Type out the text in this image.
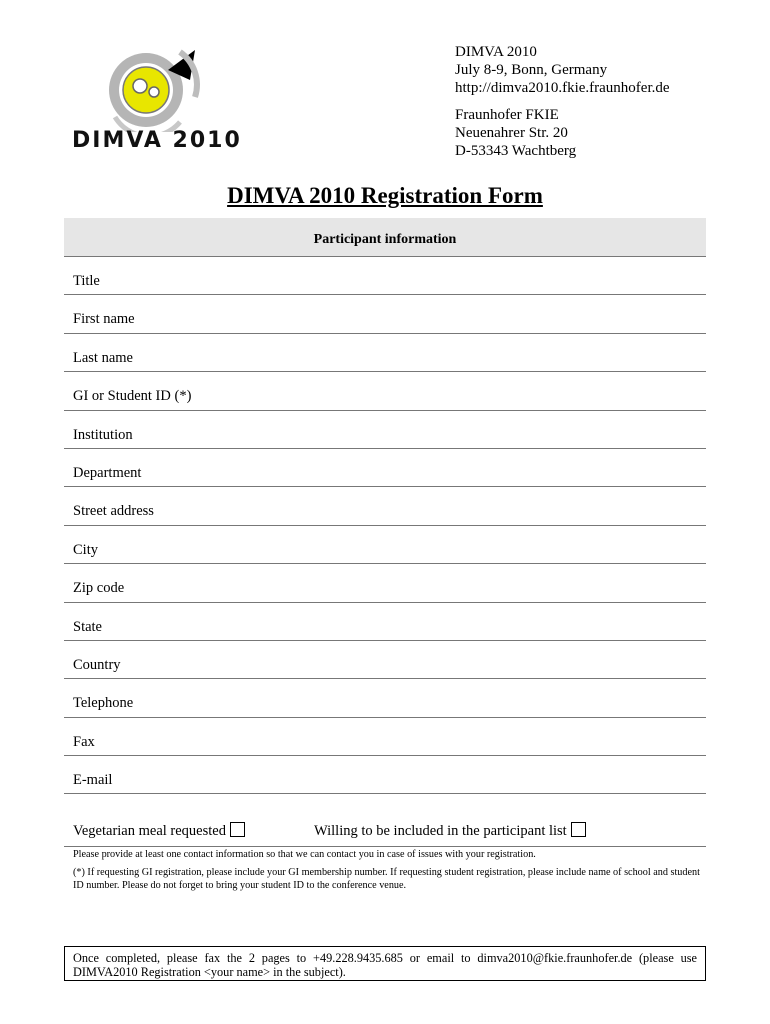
DIMVA 2010
DIMVA 2010
July 8-9, Bonn, Germany
http://dimva2010.fkie.fraunhofer.de
Fraunhofer FKIE
Neuenahrer Str. 20
D-53343 Wachtberg
DIMVA 2010 Registration Form
Participant information
Title
First name
Last name
GI or Student ID (*)
Institution
Department
Street address
City
Zip code
State
Country
Telephone
Fax
E-mail
Vegetarian meal requested	Willing to be included in the participant list
Please provide at least one contact information so that we can contact you in case of issues with your registration.
(*) If requesting GI registration, please include your GI membership number. If requesting student registration, please include name of school and student ID number. Please do not forget to bring your student ID to the conference venue.
Once completed, please fax the 2 pages to +49.228.9435.685 or email to dimva2010@fkie.fraunhofer.de (please use DIMVA2010 Registration <your name> in the subject).
